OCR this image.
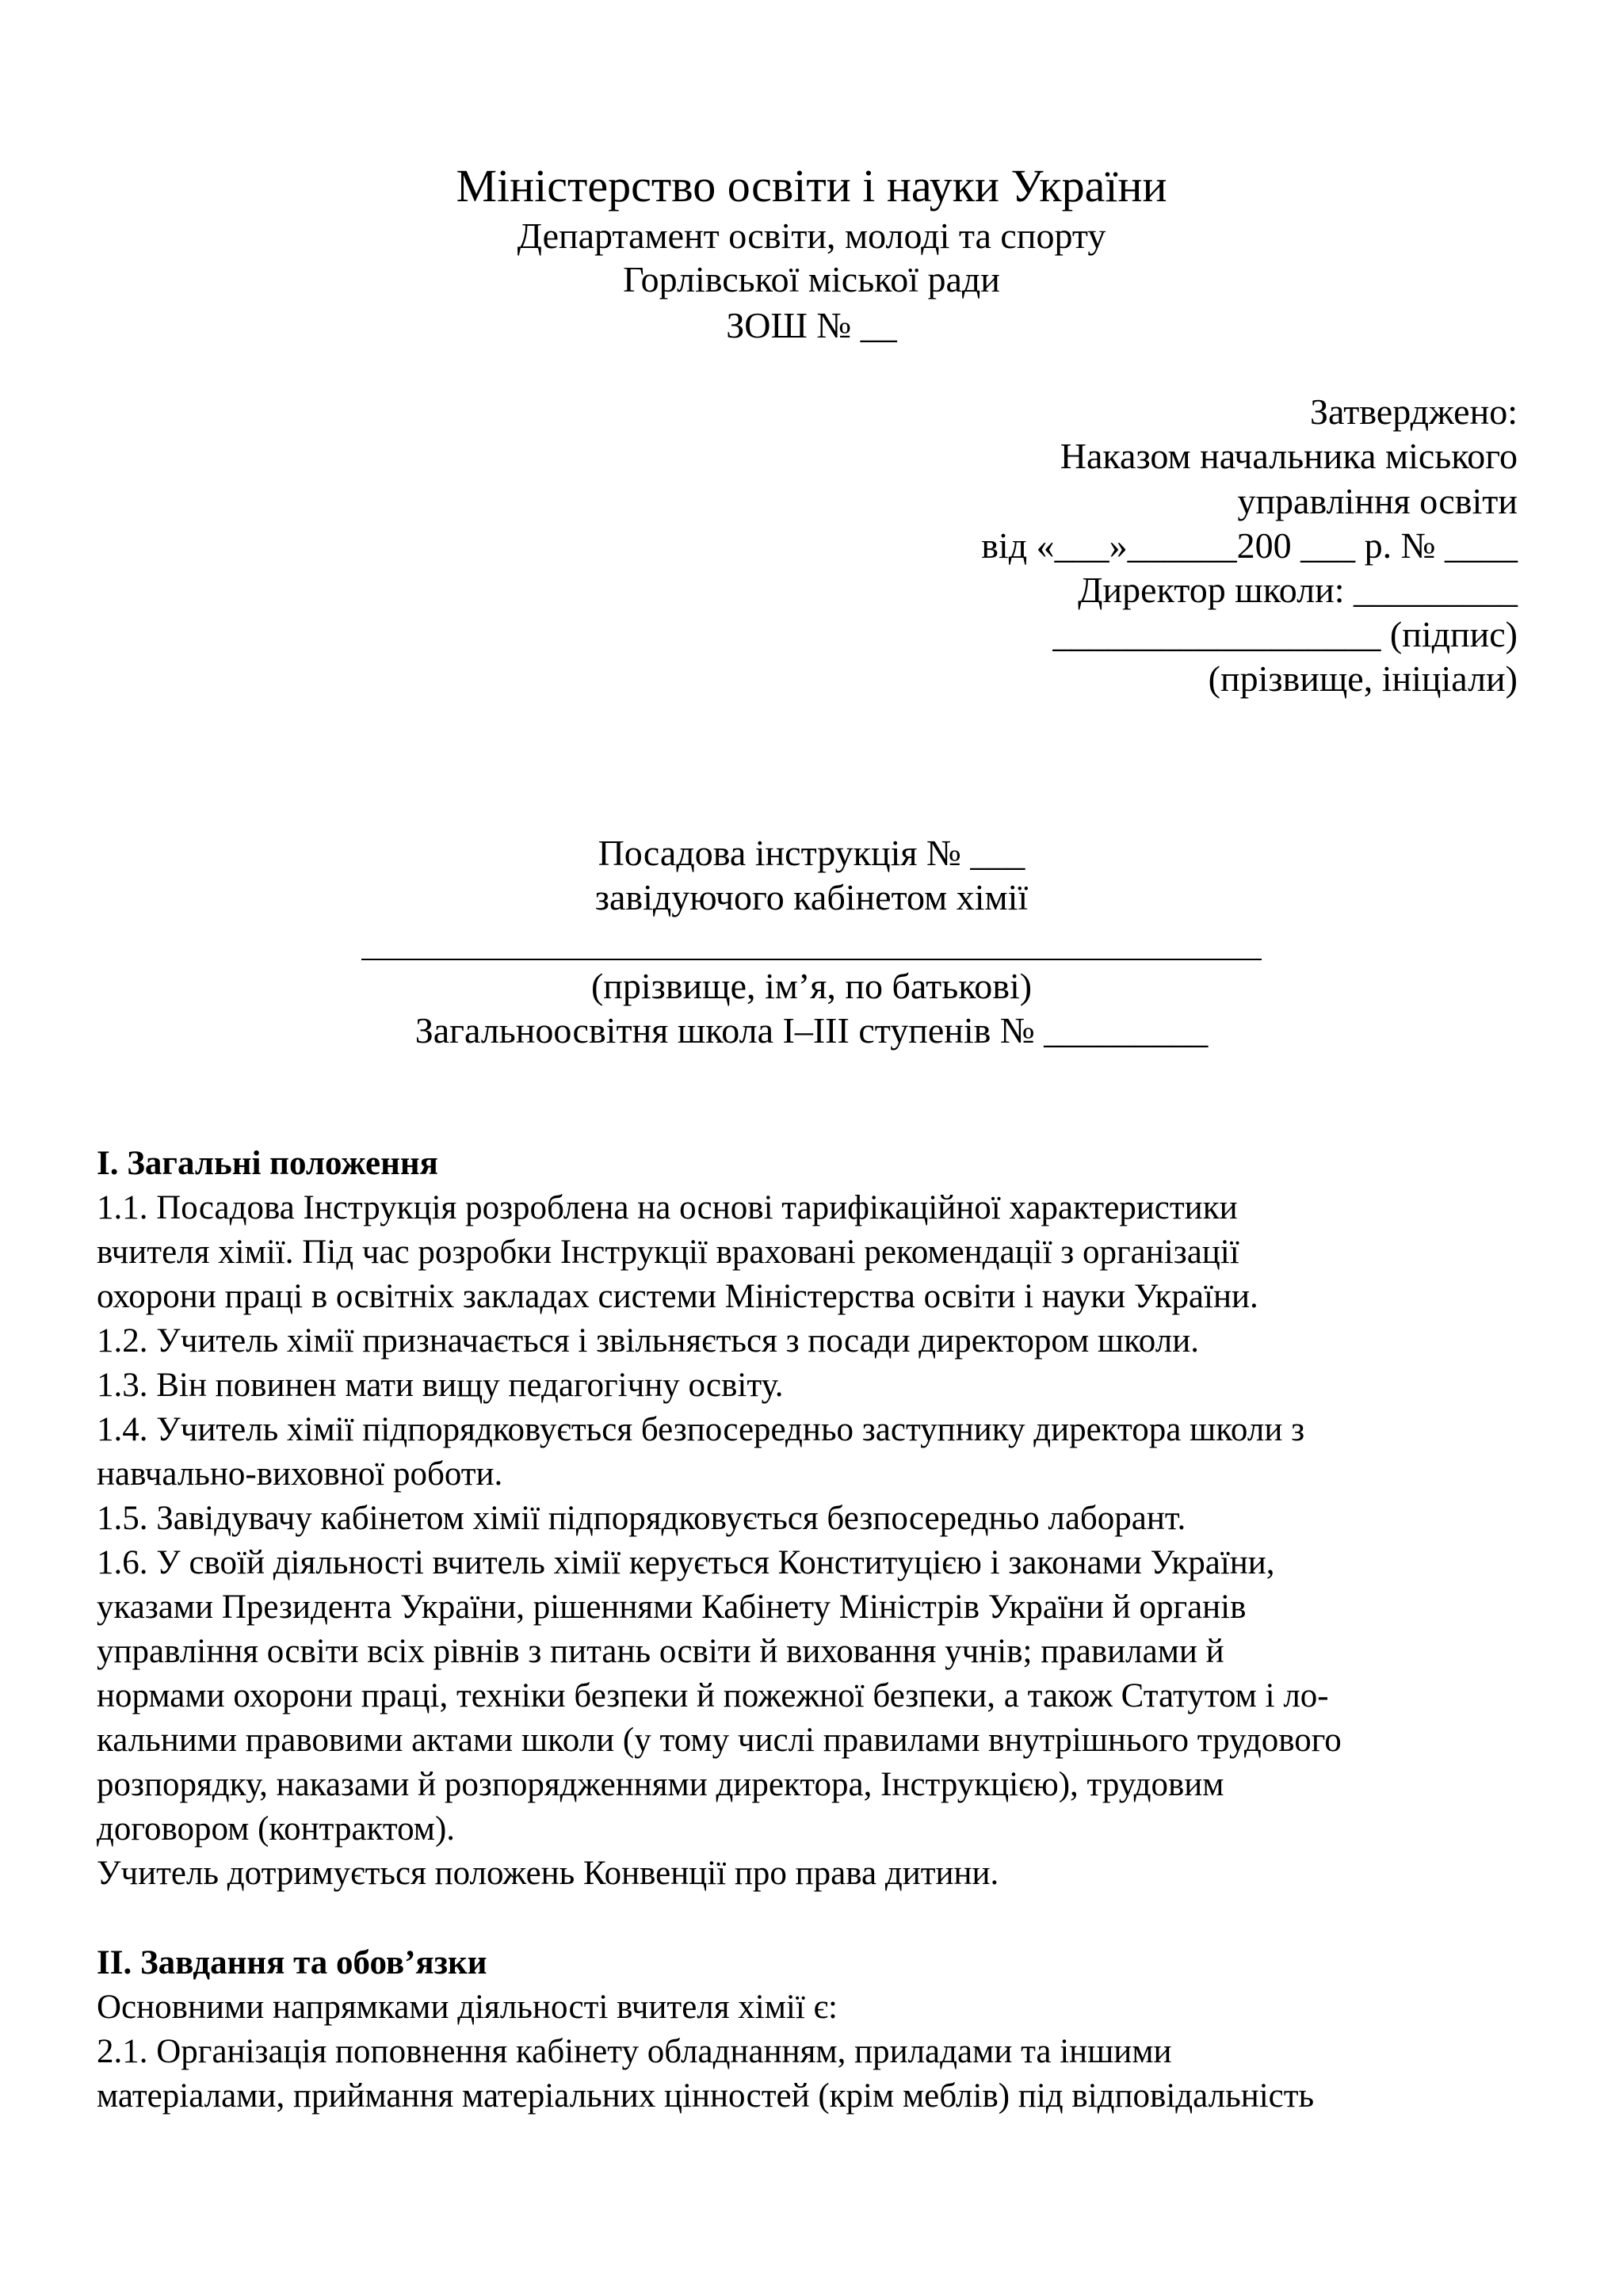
Міністерство освіти і науки України
Департамент освіти, молоді та спорту
Горлівської міської ради
ЗОШ № __
Затверджено:
Наказом начальника міського
управління освіти
від «___»______200 ___ р. № ____
Директор школи: _________
__________________ (підпис)
(прізвище, ініціали)
Посадова інструкція № ___
завідуючого кабінетом хімії
(прізвище, ім’я, по батькові)
Загальноосвітня школа I–III ступенів № _________
I. Загальні положення
1.1. Посадова Інструкція розроблена на основі тарифікаційної характеристики
вчителя хімії. Під час розробки Інструкції враховані рекомендації з організації
охорони праці в освітніх закладах системи Міністерства освіти і науки України.
1.2. Учитель хімії призначається і звільняється з посади директором школи.
1.3. Він повинен мати вищу педагогічну освіту.
1.4. Учитель хімії підпорядковується безпосередньо заступнику директора школи з
навчально-виховної роботи.
1.5. Завідувачу кабінетом хімії підпорядковується безпосередньо лаборант.
1.6. У своїй діяльності вчитель хімії керується Конституцією і законами України,
указами Президента України, рішеннями Кабінету Міністрів України й органів
управління освіти всіх рівнів з питань освіти й виховання учнів; правилами й
нормами охорони праці, техніки безпеки й пожежної безпеки, а також Статутом і ло-
кальними правовими актами школи (у тому числі правилами внутрішнього трудового
розпорядку, наказами й розпорядженнями директора, Інструкцією), трудовим
договором (контрактом).
Учитель дотримується положень Конвенції про права дитини.
II. Завдання та обов’язки
Основними напрямками діяльності вчителя хімії є:
2.1. Організація поповнення кабінету обладнанням, приладами та іншими
матеріалами, приймання матеріальних цінностей (крім меблів) під відповідальність
